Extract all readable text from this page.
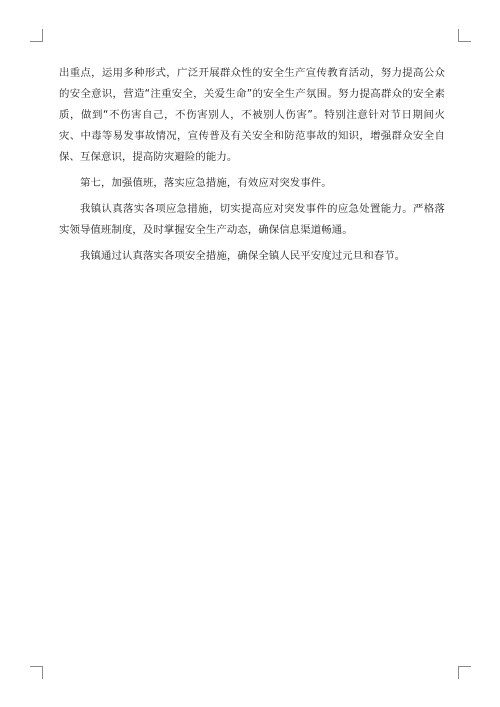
出重点，运用多种形式，广泛开展群众性的安全生产宣传教育活动，努力提高公众的安全意识，营造“注重安全，关爱生命”的安全生产氛围。努力提高群众的安全素质，做到“不伤害自己，不伤害别人，不被别人伤害”。特别注意针对节日期间火灾、中毒等易发事故情况，宣传普及有关安全和防范事故的知识，增强群众安全自保、互保意识，提高防灾避险的能力。

第七，加强值班，落实应急措施，有效应对突发事件。

我镇认真落实各项应急措施，切实提高应对突发事件的应急处置能力。严格落实领导值班制度，及时掌握安全生产动态，确保信息渠道畅通。

我镇通过认真落实各项安全措施，确保全镇人民平安度过元旦和春节。
